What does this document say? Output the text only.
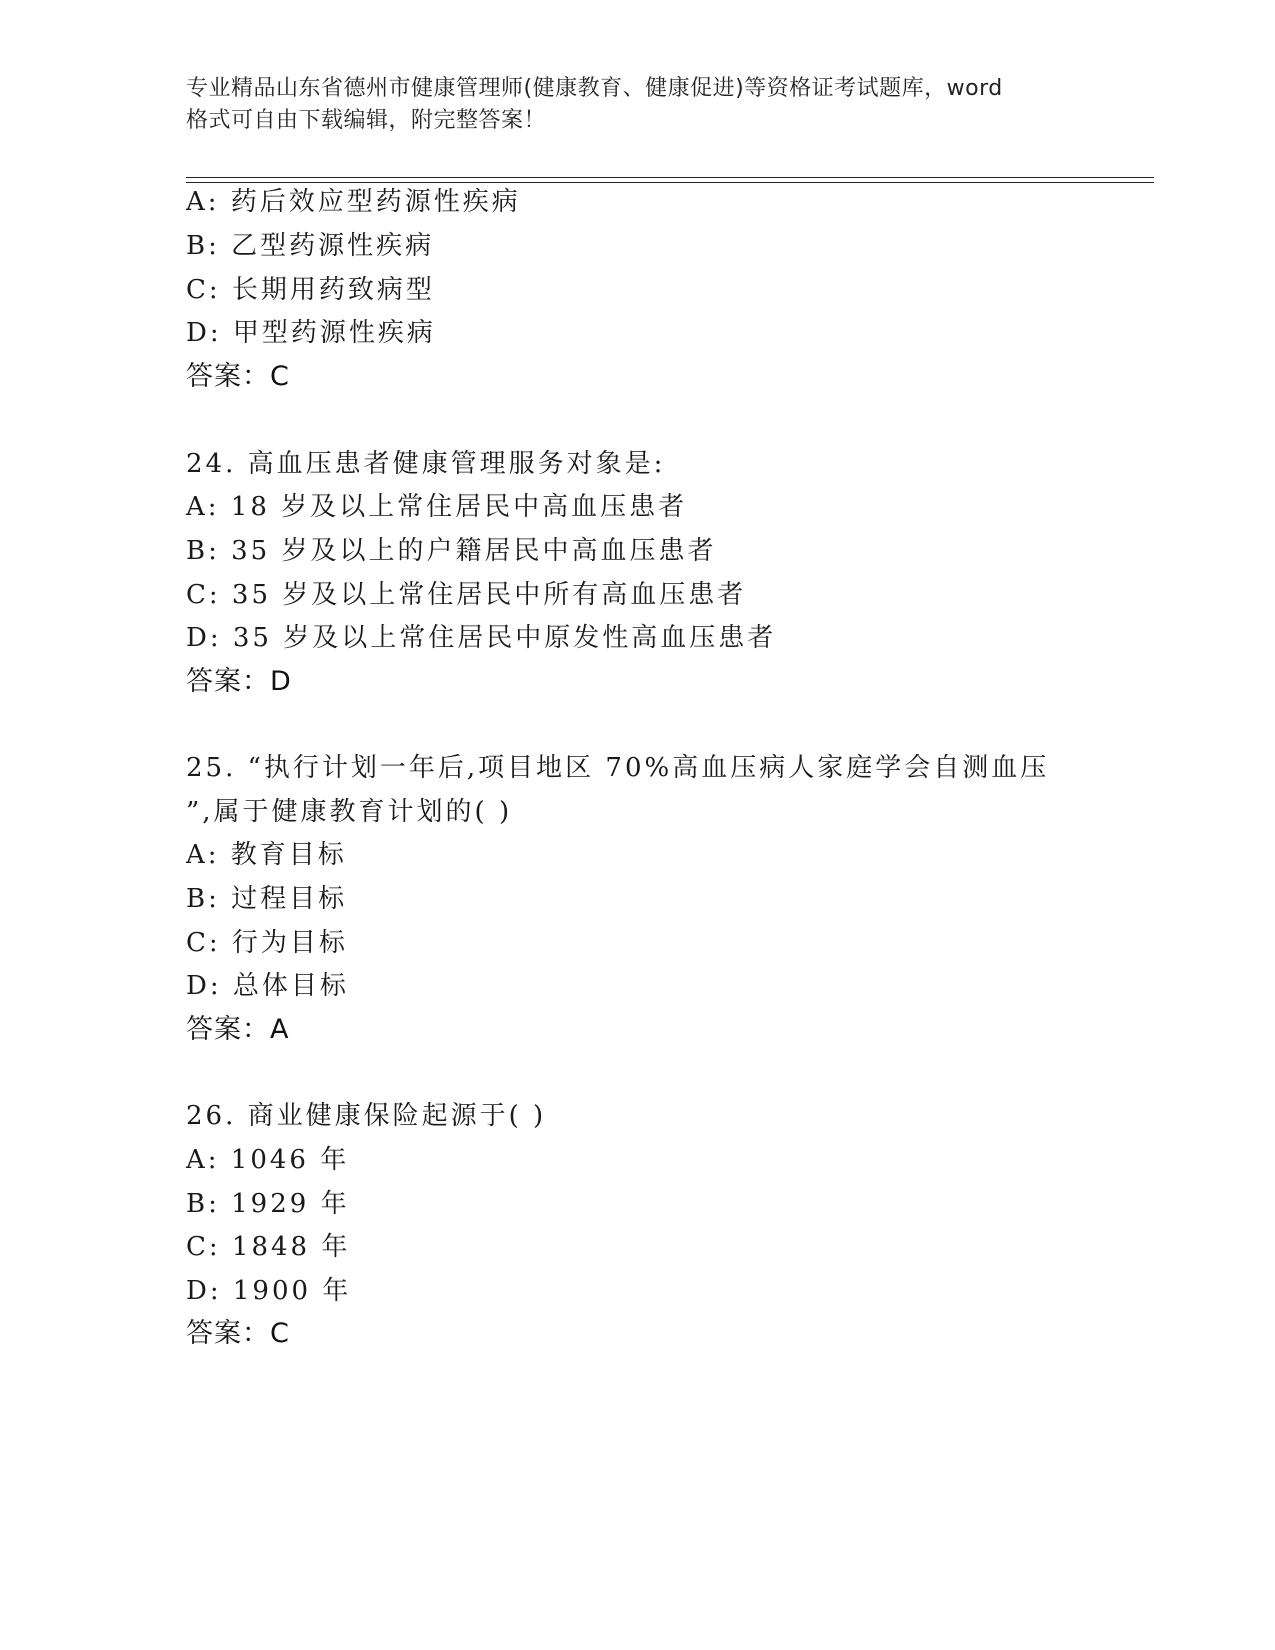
专业精品山东省德州市健康管理师(健康教育、健康促进)等资格证考试题库，word
格式可自由下载编辑，附完整答案！
A: 药后效应型药源性疾病
B: 乙型药源性疾病
C: 长期用药致病型
D: 甲型药源性疾病
答案：C
24. 高血压患者健康管理服务对象是:
A: 18 岁及以上常住居民中高血压患者
B: 35 岁及以上的户籍居民中高血压患者
C: 35 岁及以上常住居民中所有高血压患者
D: 35 岁及以上常住居民中原发性高血压患者
答案：D
25. “执行计划一年后,项目地区 70%高血压病人家庭学会自测血压
”,属于健康教育计划的( )
A: 教育目标
B: 过程目标
C: 行为目标
D: 总体目标
答案：A
26. 商业健康保险起源于( )
A: 1046 年
B: 1929 年
C: 1848 年
D: 1900 年
答案：C
